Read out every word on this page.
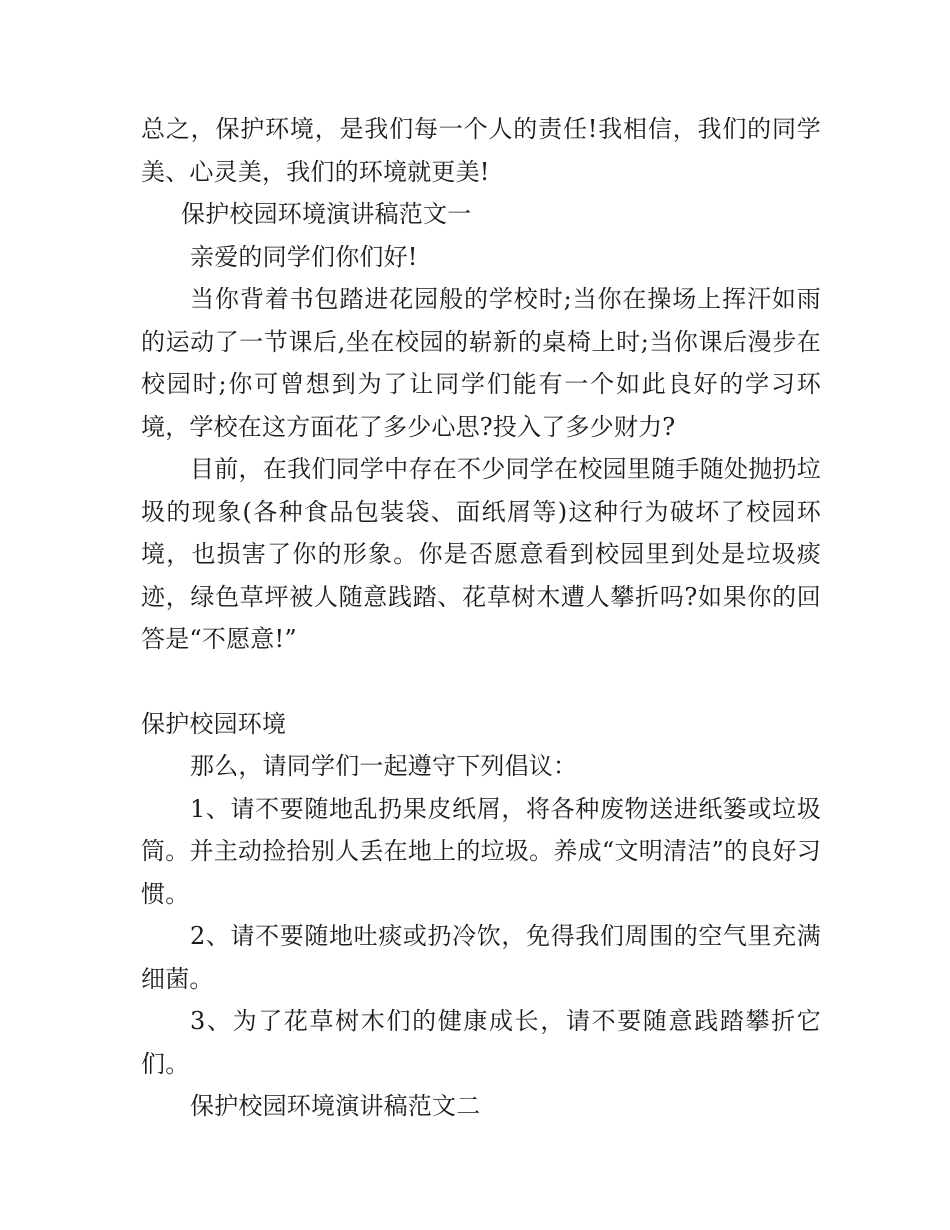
总之，保护环境，是我们每一个人的责任!我相信，我们的同学美、心灵美，我们的环境就更美!

保护校园环境演讲稿范文一

亲爱的同学们你们好!

当你背着书包踏进花园般的学校时;当你在操场上挥汗如雨的运动了一节课后,坐在校园的崭新的桌椅上时;当你课后漫步在校园时;你可曾想到为了让同学们能有一个如此良好的学习环境，学校在这方面花了多少心思?投入了多少财力?

目前，在我们同学中存在不少同学在校园里随手随处抛扔垃圾的现象(各种食品包装袋、面纸屑等)这种行为破坏了校园环境，也损害了你的形象。你是否愿意看到校园里到处是垃圾痰迹，绿色草坪被人随意践踏、花草树木遭人攀折吗?如果你的回答是“不愿意!”

保护校园环境

那么，请同学们一起遵守下列倡议：

1、请不要随地乱扔果皮纸屑，将各种废物送进纸篓或垃圾筒。并主动捡拾别人丢在地上的垃圾。养成“文明清洁”的良好习惯。

2、请不要随地吐痰或扔冷饮，免得我们周围的空气里充满细菌。

3、为了花草树木们的健康成长，请不要随意践踏攀折它们。

保护校园环境演讲稿范文二
